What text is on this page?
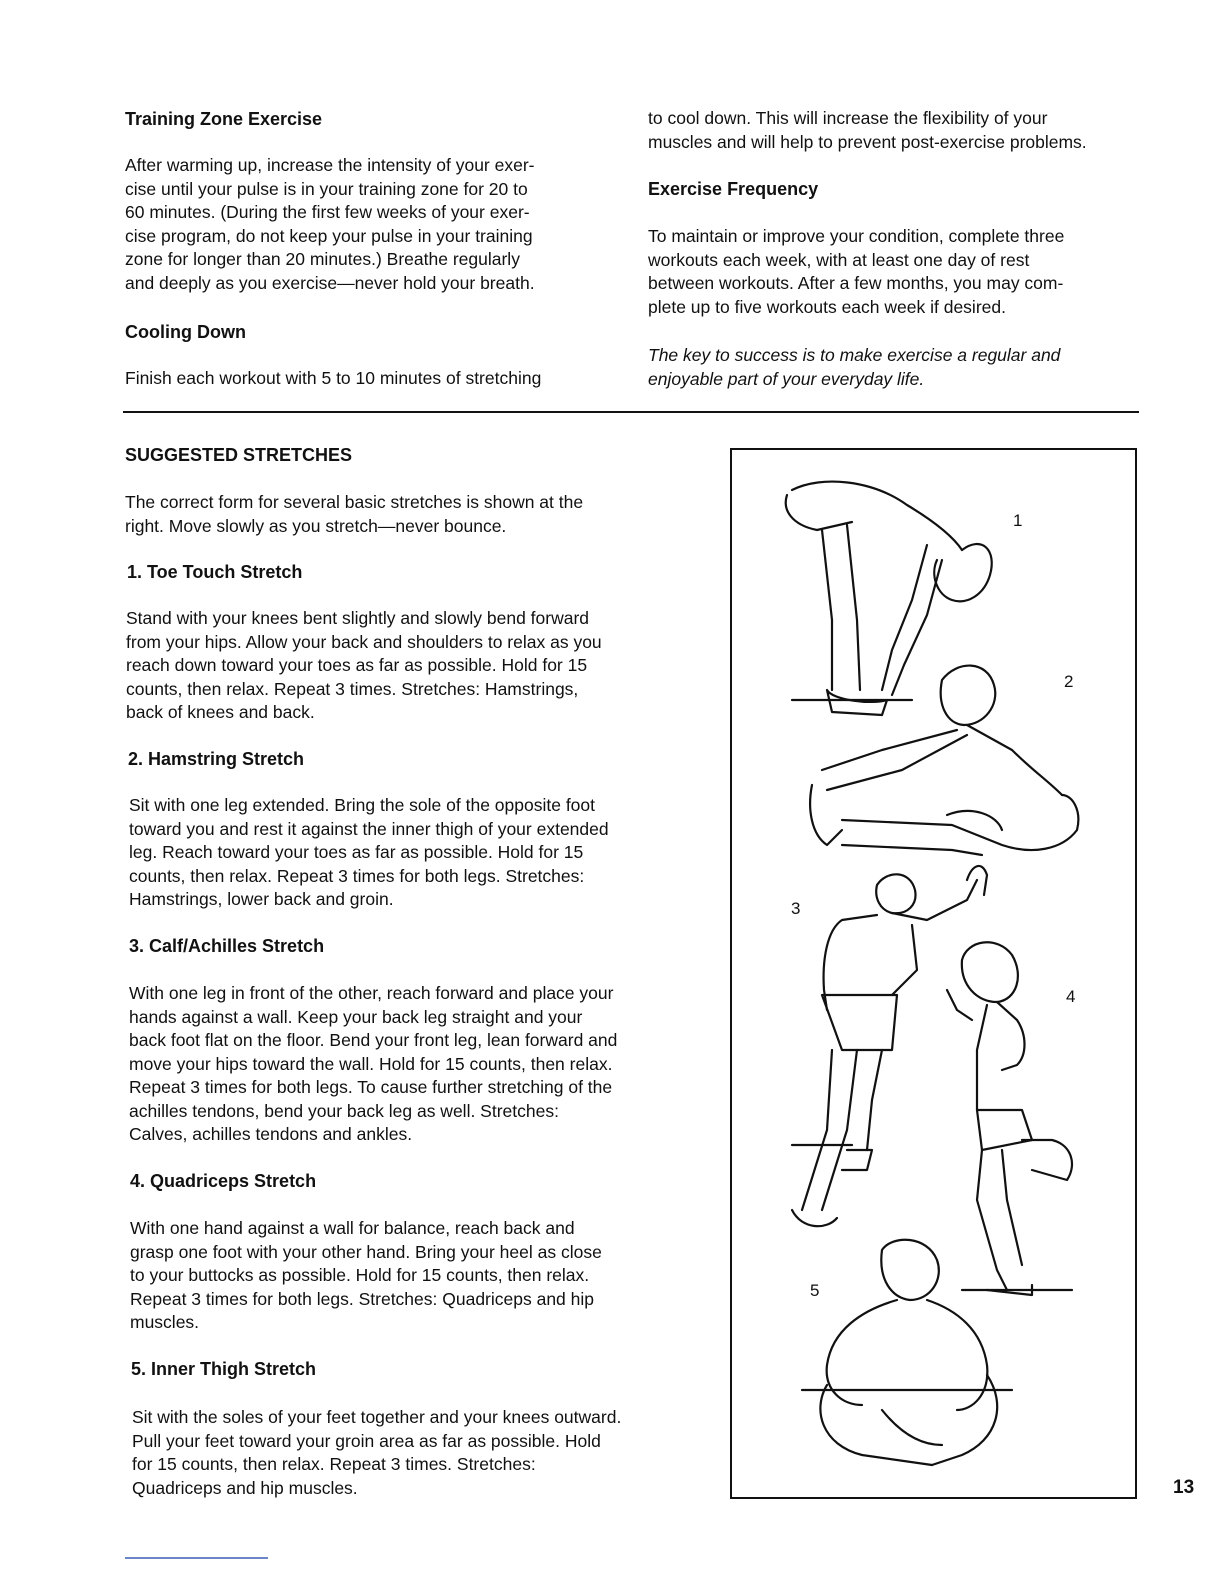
Training Zone Exercise
After warming up, increase the intensity of your exer-
cise until your pulse is in your training zone for 20 to
60 minutes. (During the first few weeks of your exer-
cise program, do not keep your pulse in your training
zone for longer than 20 minutes.) Breathe regularly
and deeply as you exercise—never hold your breath.
Cooling Down
Finish each workout with 5 to 10 minutes of stretching
to cool down. This will increase the flexibility of your
muscles and will help to prevent post-exercise problems.
Exercise Frequency
To maintain or improve your condition, complete three
workouts each week, with at least one day of rest
between workouts. After a few months, you may com-
plete up to five workouts each week if desired.
The key to success is to make exercise a regular and
enjoyable part of your everyday life.
SUGGESTED STRETCHES
The correct form for several basic stretches is shown at the
right. Move slowly as you stretch—never bounce.
1. Toe Touch Stretch
Stand with your knees bent slightly and slowly bend forward
from your hips. Allow your back and shoulders to relax as you
reach down toward your toes as far as possible. Hold for 15
counts, then relax. Repeat 3 times. Stretches: Hamstrings,
back of knees and back.
2. Hamstring Stretch
Sit with one leg extended. Bring the sole of the opposite foot
toward you and rest it against the inner thigh of your extended
leg. Reach toward your toes as far as possible. Hold for 15
counts, then relax. Repeat 3 times for both legs. Stretches:
Hamstrings, lower back and groin.
3. Calf/Achilles Stretch
With one leg in front of the other, reach forward and place your
hands against a wall. Keep your back leg straight and your
back foot flat on the floor. Bend your front leg, lean forward and
move your hips toward the wall. Hold for 15 counts, then relax.
Repeat 3 times for both legs. To cause further stretching of the
achilles tendons, bend your back leg as well. Stretches:
Calves, achilles tendons and ankles.
4. Quadriceps Stretch
With one hand against a wall for balance, reach back and
grasp one foot with your other hand. Bring your heel as close
to your buttocks as possible. Hold for 15 counts, then relax.
Repeat 3 times for both legs. Stretches: Quadriceps and hip
muscles.
5. Inner Thigh Stretch
Sit with the soles of your feet together and your knees outward.
Pull your feet toward your groin area as far as possible. Hold
for 15 counts, then relax. Repeat 3 times. Stretches:
Quadriceps and hip muscles.
1
2
3
4
5
13
